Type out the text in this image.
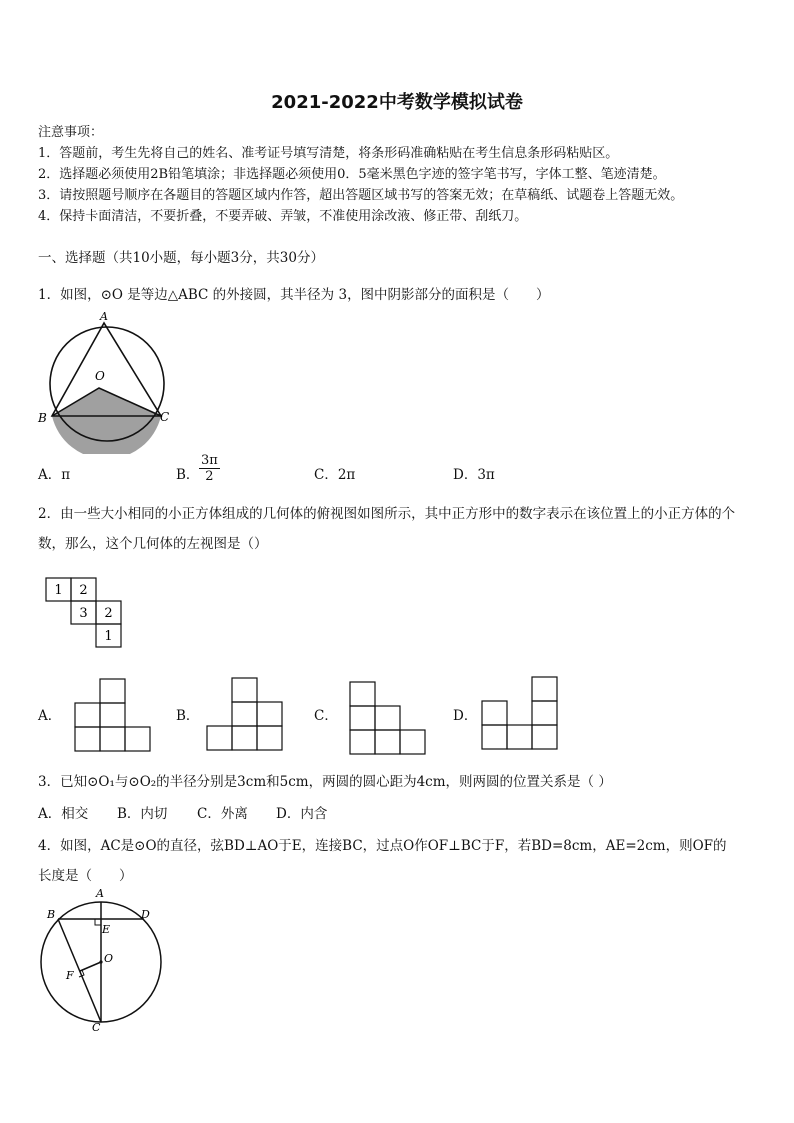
2021-2022中考数学模拟试卷
注意事项：
1．答题前，考生先将自己的姓名、准考证号填写清楚，将条形码准确粘贴在考生信息条形码粘贴区。
2．选择题必须使用2B铅笔填涂；非选择题必须使用0．5毫米黑色字迹的签字笔书写，字体工整、笔迹清楚。
3．请按照题号顺序在各题目的答题区域内作答，超出答题区域书写的答案无效；在草稿纸、试题卷上答题无效。
4．保持卡面清洁，不要折叠，不要弄破、弄皱，不准使用涂改液、修正带、刮纸刀。
一、选择题（共10小题，每小题3分，共30分）
1．如图，⊙O 是等边△ABC 的外接圆，其半径为 3，图中阴影部分的面积是（　　）
A
O
B	C
A．π	B． $\frac{3\pi}{2}$	C．2π	D．3π
2．由一些大小相同的小正方体组成的几何体的俯视图如图所示，其中正方形中的数字表示在该位置上的小正方体的个
数，那么，这个几何体的左视图是（）
1 2
3 2
1
A．	B．	C．	D．
3．已知⊙O₁与⊙O₂的半径分别是3cm和5cm，两圆的圆心距为4cm，则两圆的位置关系是（ ）
A．相交 B．内切 C．外离 D．内含
4．如图，AC是⊙O的直径，弦BD⊥AO于E，连接BC，过点O作OF⊥BC于F，若BD=8cm，AE=2cm，则OF的
长度是（　　）
A
B	D
E
O
F
C
